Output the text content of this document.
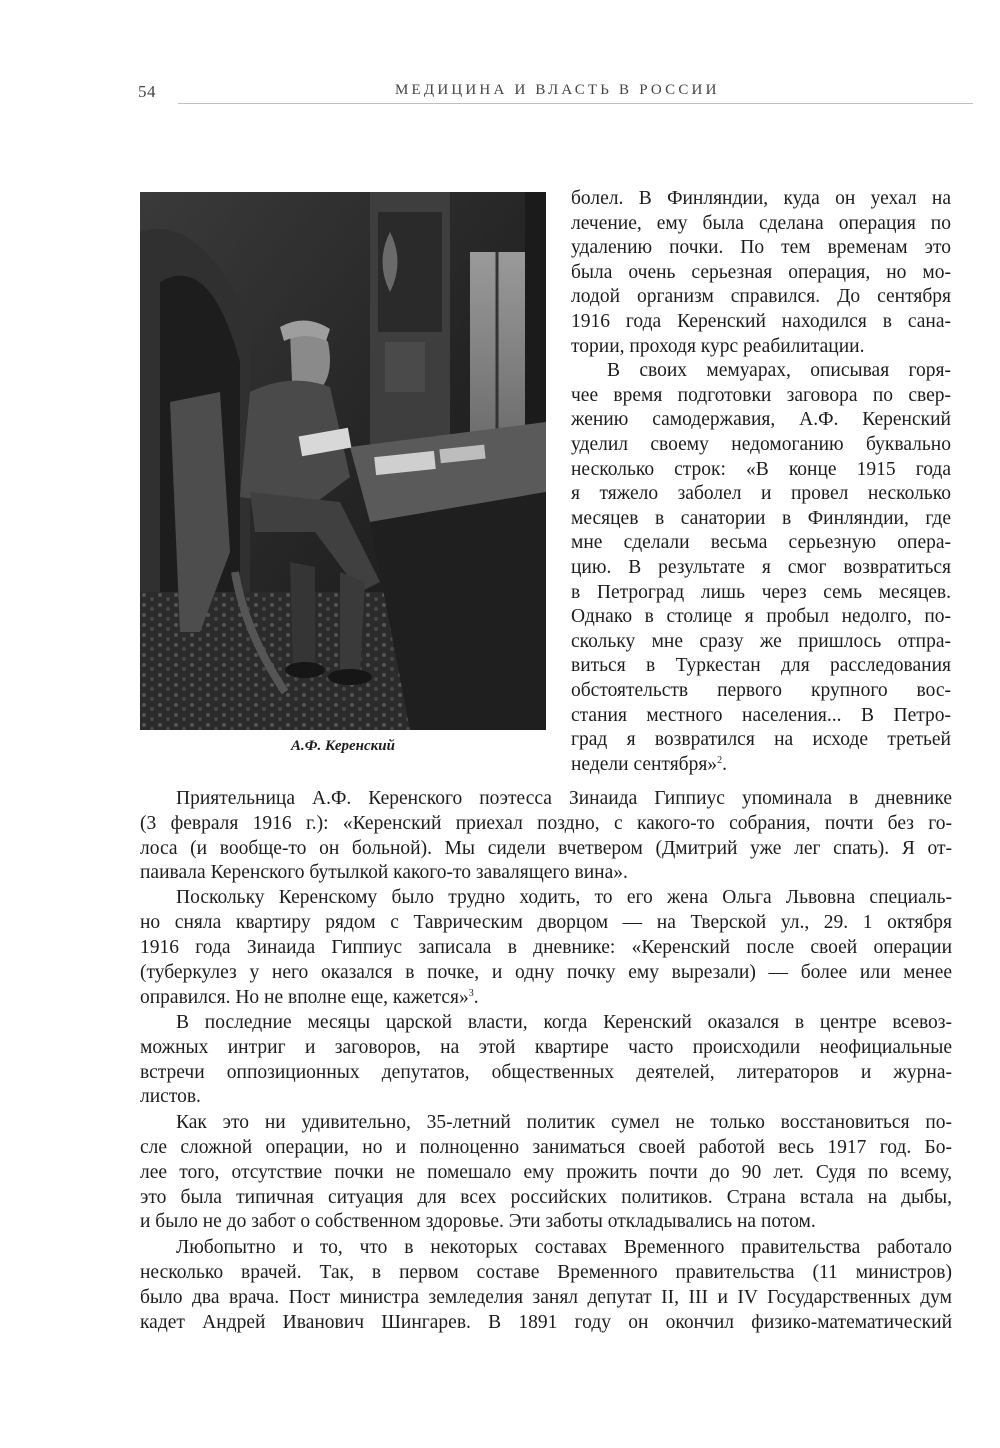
54	МЕДИЦИНА И ВЛАСТЬ В РОССИИ
А.Ф. Керенский

болел. В Финляндии, куда он уехал на

лечение, ему была сделана операция по

удалению почки. По тем временам это

была очень серьезная операция, но мо-

лодой организм справился. До сентября

1916 года Керенский находился в сана-

тории, проходя курс реабилитации.

В своих мемуарах, описывая горя-

чее время подготовки заговора по свер-

жению самодержавия, А.Ф. Керенский

уделил своему недомоганию буквально

несколько строк: «В конце 1915 года

я тяжело заболел и провел несколько

месяцев в санатории в Финляндии, где

мне сделали весьма серьезную опера-

цию. В результате я смог возвратиться

в Петроград лишь через семь месяцев.

Однако в столице я пробыл недолго, по-

скольку мне сразу же пришлось отпра-

виться в Туркестан для расследования

обстоятельств первого крупного вос-

стания местного населения... В Петро-

град я возвратился на исходе третьей

недели сентября»$^2$.

Приятельница А.Ф. Керенского поэтесса Зинаида Гиппиус упоминала в дневнике

(3 февраля 1916 г.): «Керенский приехал поздно, с какого-то собрания, почти без го-

лоса (и вообще-то он больной). Мы сидели вчетвером (Дмитрий уже лег спать). Я от-

паивала Керенского бутылкой какого-то завалящего вина».

Поскольку Керенскому было трудно ходить, то его жена Ольга Львовна специаль-

но сняла квартиру рядом с Таврическим дворцом — на Тверской ул., 29. 1 октября

1916 года Зинаида Гиппиус записала в дневнике: «Керенский после своей операции

(туберкулез у него оказался в почке, и одну почку ему вырезали) — более или менее

оправился. Но не вполне еще, кажется»$^3$.

В последние месяцы царской власти, когда Керенский оказался в центре всевоз-

можных интриг и заговоров, на этой квартире часто происходили неофициальные

встречи оппозиционных депутатов, общественных деятелей, литераторов и журна-

листов.

Как это ни удивительно, 35-летний политик сумел не только восстановиться по-

сле сложной операции, но и полноценно заниматься своей работой весь 1917 год. Бо-

лее того, отсутствие почки не помешало ему прожить почти до 90 лет. Судя по всему,

это была типичная ситуация для всех российских политиков. Страна встала на дыбы,

и было не до забот о собственном здоровье. Эти заботы откладывались на потом.

Любопытно и то, что в некоторых составах Временного правительства работало

несколько врачей. Так, в первом составе Временного правительства (11 министров)

было два врача. Пост министра земледелия занял депутат II, III и IV Государственных дум

кадет Андрей Иванович Шингарев. В 1891 году он окончил физико-математический
